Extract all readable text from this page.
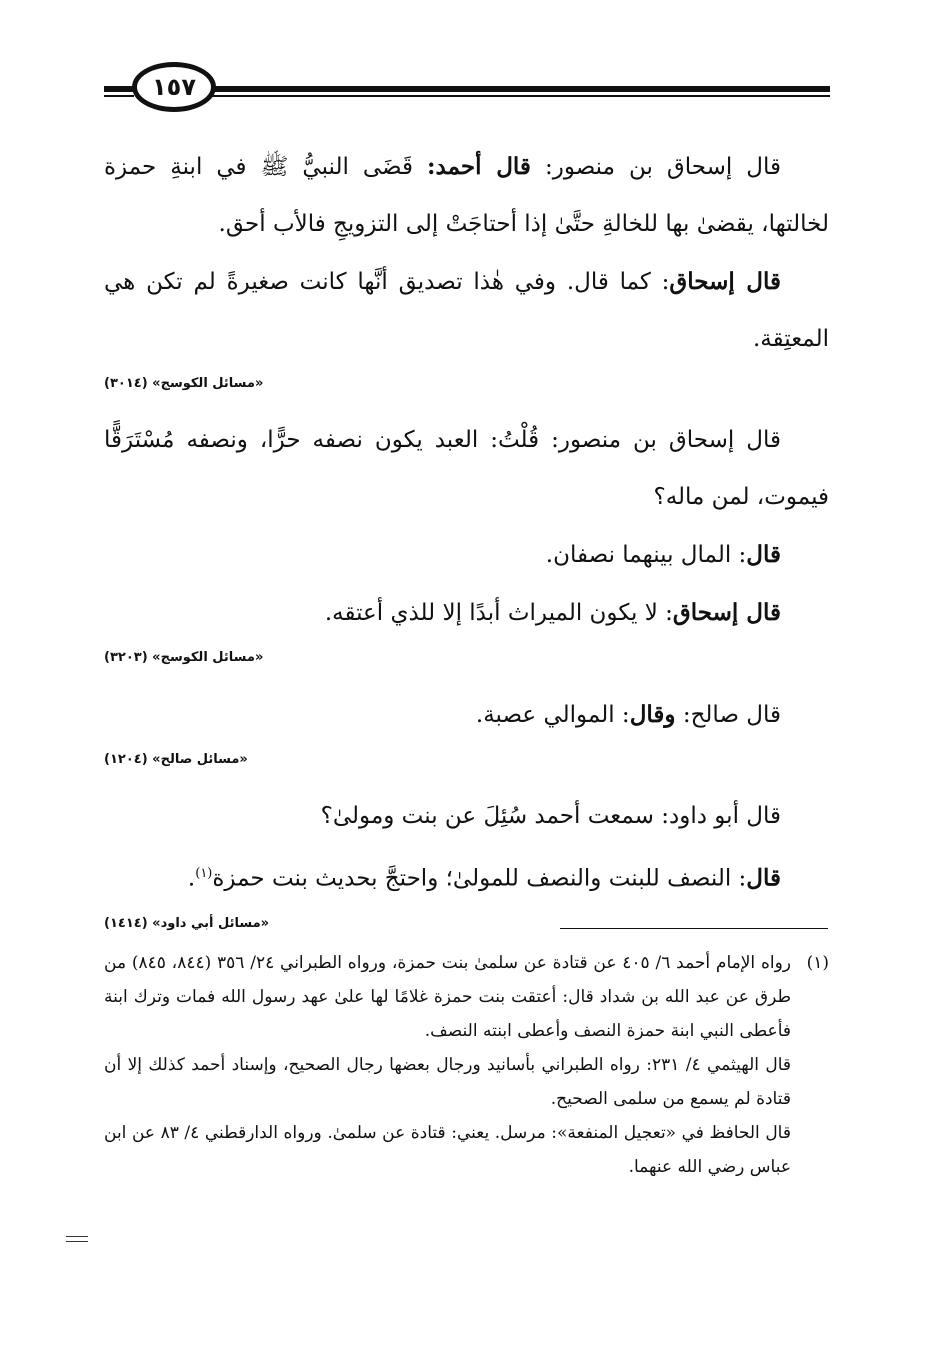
١٥٧

قال إسحاق بن منصور: قال أحمد: قَضَى النبيُّ ﷺ في ابنةِ حمزة لخالتها، يقضىٰ بها للخالةِ حتَّىٰ إذا أحتاجَتْ إلى التزويجِ فالأب أحق.

قال إسحاق: كما قال. وفي هٰذا تصديق أنَّها كانت صغيرةً لم تكن هي المعتِقة.

«مسائل الكوسج» (٣٠١٤)

قال إسحاق بن منصور: قُلْتُ: العبد يكون نصفه حرًّا، ونصفه مُسْتَرَقًّا فيموت، لمن ماله؟

قال: المال بينهما نصفان.

قال إسحاق: لا يكون الميراث أبدًا إلا للذي أعتقه.

«مسائل الكوسج» (٣٢٠٣)

قال صالح: وقال: الموالي عصبة.

«مسائل صالح» (١٢٠٤)

قال أبو داود: سمعت أحمد سُئِلَ عن بنت ومولىٰ؟

قال: النصف للبنت والنصف للمولىٰ؛ واحتجَّ بحديث بنت حمزة$^{(١)}$.

«مسائل أبي داود» (١٤١٤)
(١)

رواه الإمام أحمد ٦/ ٤٠٥ عن قتادة عن سلمىٰ بنت حمزة، ورواه الطبراني ٢٤/ ٣٥٦ (٨٤٤، ٨٤٥) من طرق عن عبد الله بن شداد قال: أعتقت بنت حمزة غلامًا لها علىٰ عهد رسول الله فمات وترك ابنة فأعطى النبي ابنة حمزة النصف وأعطى ابنته النصف.

قال الهيثمي ٤/ ٢٣١: رواه الطبراني بأسانيد ورجال بعضها رجال الصحيح، وإسناد أحمد كذلك إلا أن قتادة لم يسمع من سلمى الصحيح.

قال الحافظ في «تعجيل المنفعة»: مرسل. يعني: قتادة عن سلمىٰ. ورواه الدارقطني ٤/ ٨٣ عن ابن عباس رضي الله عنهما.
